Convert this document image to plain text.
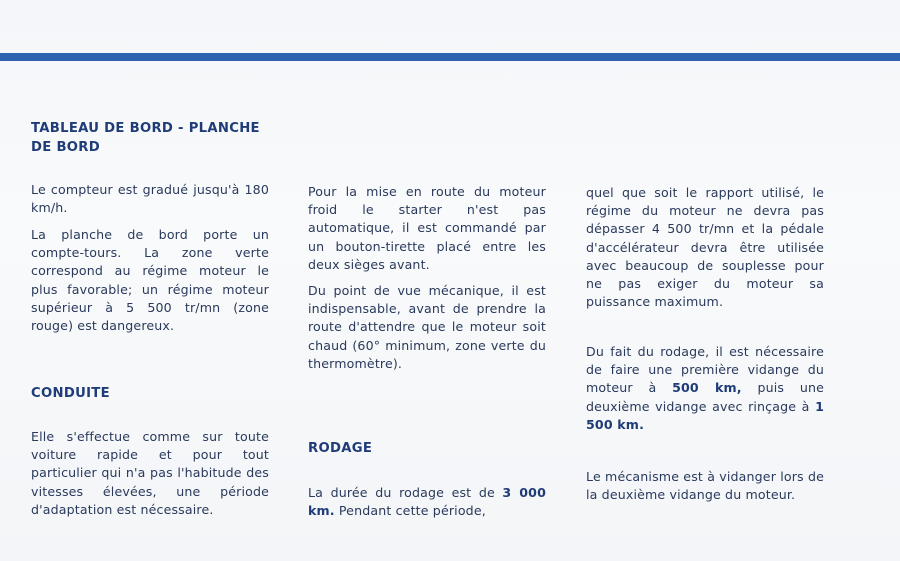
TABLEAU DE BORD - PLANCHE DE BORD

Le compteur est gradué jusqu'à 180 km/h.

La planche de bord porte un compte-tours. La zone verte correspond au régime moteur le plus favorable; un régime moteur supérieur à 5 500 tr/mn (zone rouge) est dangereux.

CONDUITE

Elle s'effectue comme sur toute voiture rapide et pour tout particulier qui n'a pas l'habitude des vitesses élevées, une période d'adaptation est nécessaire.

Pour la mise en route du moteur froid le starter n'est pas automatique, il est commandé par un bouton-tirette placé entre les deux sièges avant.

Du point de vue mécanique, il est indispensable, avant de prendre la route d'attendre que le moteur soit chaud (60° minimum, zone verte du thermomètre).

RODAGE

La durée du rodage est de 3 000 km. Pendant cette période,

quel que soit le rapport utilisé, le régime du moteur ne devra pas dépasser 4 500 tr/mn et la pédale d'accélérateur devra être utilisée avec beaucoup de souplesse pour ne pas exiger du moteur sa puissance maximum.

Du fait du rodage, il est nécessaire de faire une première vidange du moteur à 500 km, puis une deuxième vidange avec rinçage à 1 500 km.

Le mécanisme est à vidanger lors de la deuxième vidange du moteur.
